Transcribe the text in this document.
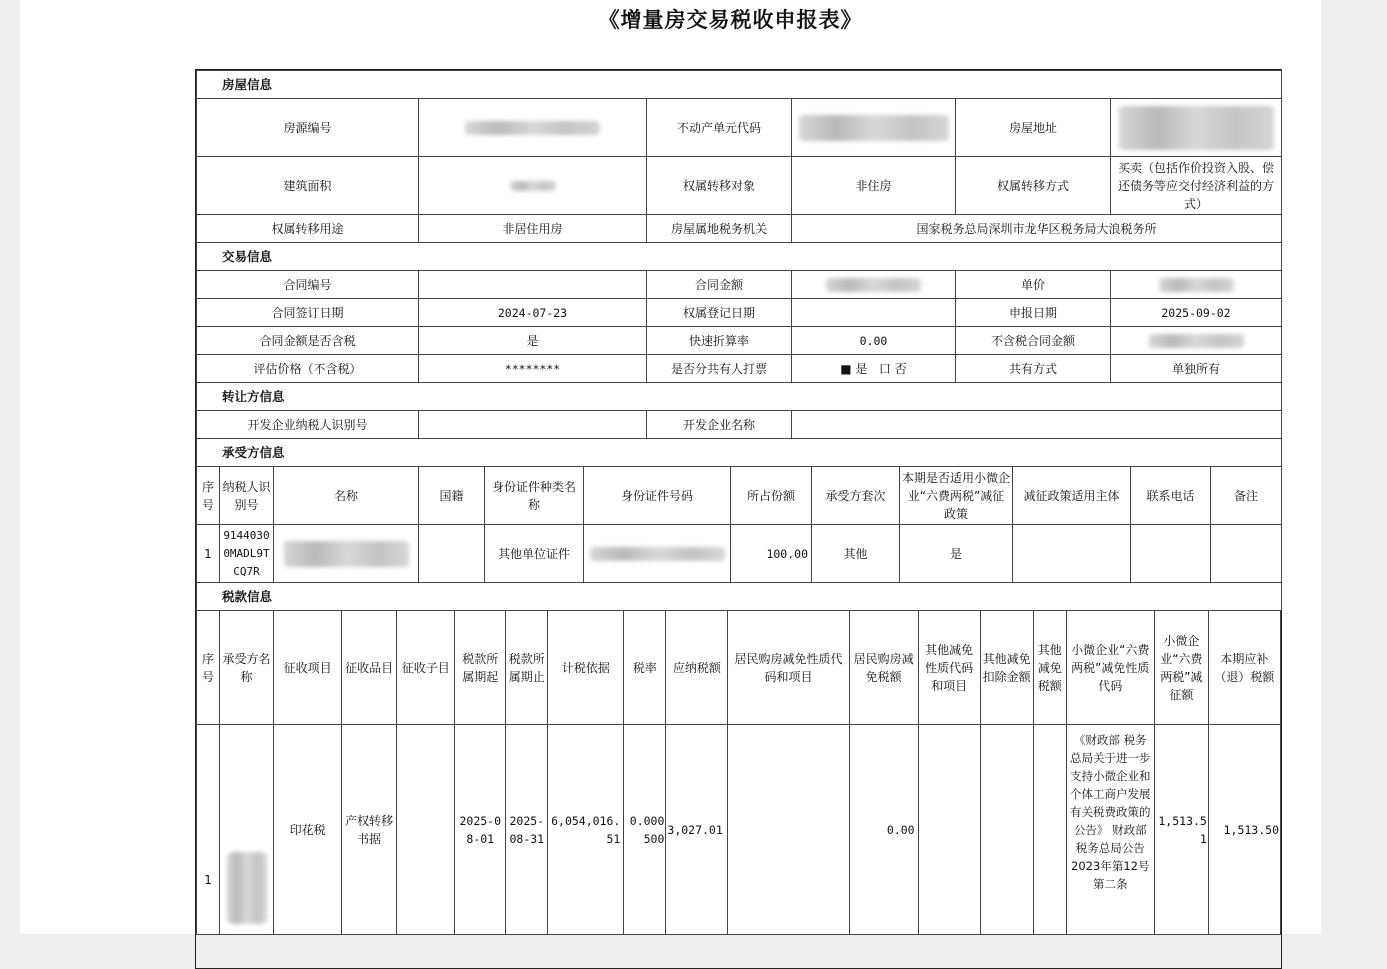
《增量房交易税收申报表》
房屋信息					
房源编号		不动产单元代码		房屋地址	
建筑面积		权属转移对象	非住房	权属转移方式	买卖（包括作价投资入股、偿还债务等应交付经济利益的方式）
权属转移用途	非居住用房	房屋属地税务机关	国家税务总局深圳市龙华区税务局大浪税务所		
交易信息					
合同编号		合同金额		单价	
合同签订日期	2024-07-23	权属登记日期		申报日期	2025-09-02
合同金额是否含税	是	快速折算率	0.00	不含税合同金额	
评估价格（不含税）	********	是否分共有人打票	■ 是 口 否	共有方式	单独所有
转让方信息					
开发企业纳税人识别号		开发企业名称			
承受方信息					
序号	纳税人识别号	名称	国籍	身份证件种类名称	身份证件号码	所占份额	承受方套次	本期是否适用小微企业“六费两税”减征政策	减征政策适用主体	联系电话	备注
1	91440300MADL9TCQ7R			其他单位证件		100.00	其他	是			
税款信息											
序号	承受方名称	征收项目	征收品目	征收子目	税款所属期起	税款所属期止	计税依据	税率	应纳税额	居民购房减免性质代码和项目	居民购房减免税额	其他减免性质代码和项目	其他减免扣除金额	其他减免税额	小微企业“六费两税”减免性质代码	小微企业“六费两税”减征额	本期应补（退）税额
1		印花税	产权转移书据		2025-08-01	2025-08-31	6,054,016.51	0.000500	3,027.01		0.00				《财政部 税务总局关于进一步支持小微企业和个体工商户发展有关税费政策的公告》 财政部 税务总局公告2023年第12号 第二条	1,513.51	1,513.50
